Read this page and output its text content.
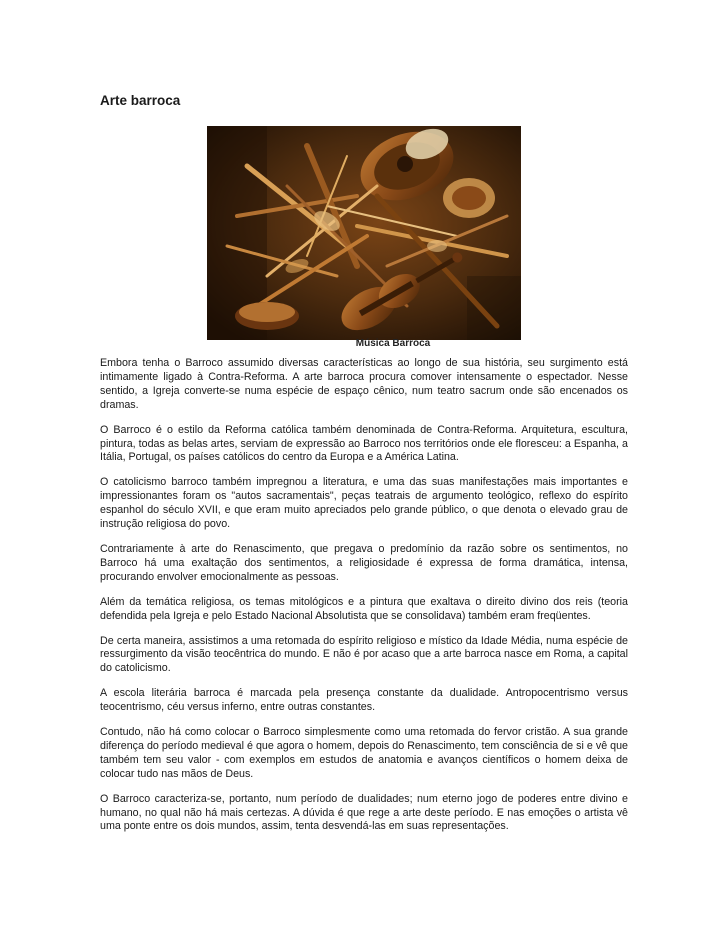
Arte barroca
Música Barroca

Embora tenha o Barroco assumido diversas características ao longo de sua história, seu surgimento está intimamente ligado à Contra-Reforma. A arte barroca procura comover intensamente o espectador. Nesse sentido, a Igreja converte-se numa espécie de espaço cênico, num teatro sacrum onde são encenados os dramas.

O Barroco é o estilo da Reforma católica também denominada de Contra-Reforma. Arquitetura, escultura, pintura, todas as belas artes, serviam de expressão ao Barroco nos territórios onde ele floresceu: a Espanha, a Itália, Portugal, os países católicos do centro da Europa e a América Latina.

O catolicismo barroco também impregnou a literatura, e uma das suas manifestações mais importantes e impressionantes foram os "autos sacramentais", peças teatrais de argumento teológico, reflexo do espírito espanhol do século XVII, e que eram muito apreciados pelo grande público, o que denota o elevado grau de instrução religiosa do povo.

Contrariamente à arte do Renascimento, que pregava o predomínio da razão sobre os sentimentos, no Barroco há uma exaltação dos sentimentos, a religiosidade é expressa de forma dramática, intensa, procurando envolver emocionalmente as pessoas.

Além da temática religiosa, os temas mitológicos e a pintura que exaltava o direito divino dos reis (teoria defendida pela Igreja e pelo Estado Nacional Absolutista que se consolidava) também eram freqüentes.

De certa maneira, assistimos a uma retomada do espírito religioso e místico da Idade Média, numa espécie de ressurgimento da visão teocêntrica do mundo. E não é por acaso que a arte barroca nasce em Roma, a capital do catolicismo.

A escola literária barroca é marcada pela presença constante da dualidade. Antropocentrismo versus teocentrismo, céu versus inferno, entre outras constantes.

Contudo, não há como colocar o Barroco simplesmente como uma retomada do fervor cristão. A sua grande diferença do período medieval é que agora o homem, depois do Renascimento, tem consciência de si e vê que também tem seu valor - com exemplos em estudos de anatomia e avanços científicos o homem deixa de colocar tudo nas mãos de Deus.

O Barroco caracteriza-se, portanto, num período de dualidades; num eterno jogo de poderes entre divino e humano, no qual não há mais certezas. A dúvida é que rege a arte deste período. E nas emoções o artista vê uma ponte entre os dois mundos, assim, tenta desvendá-las em suas representações.
